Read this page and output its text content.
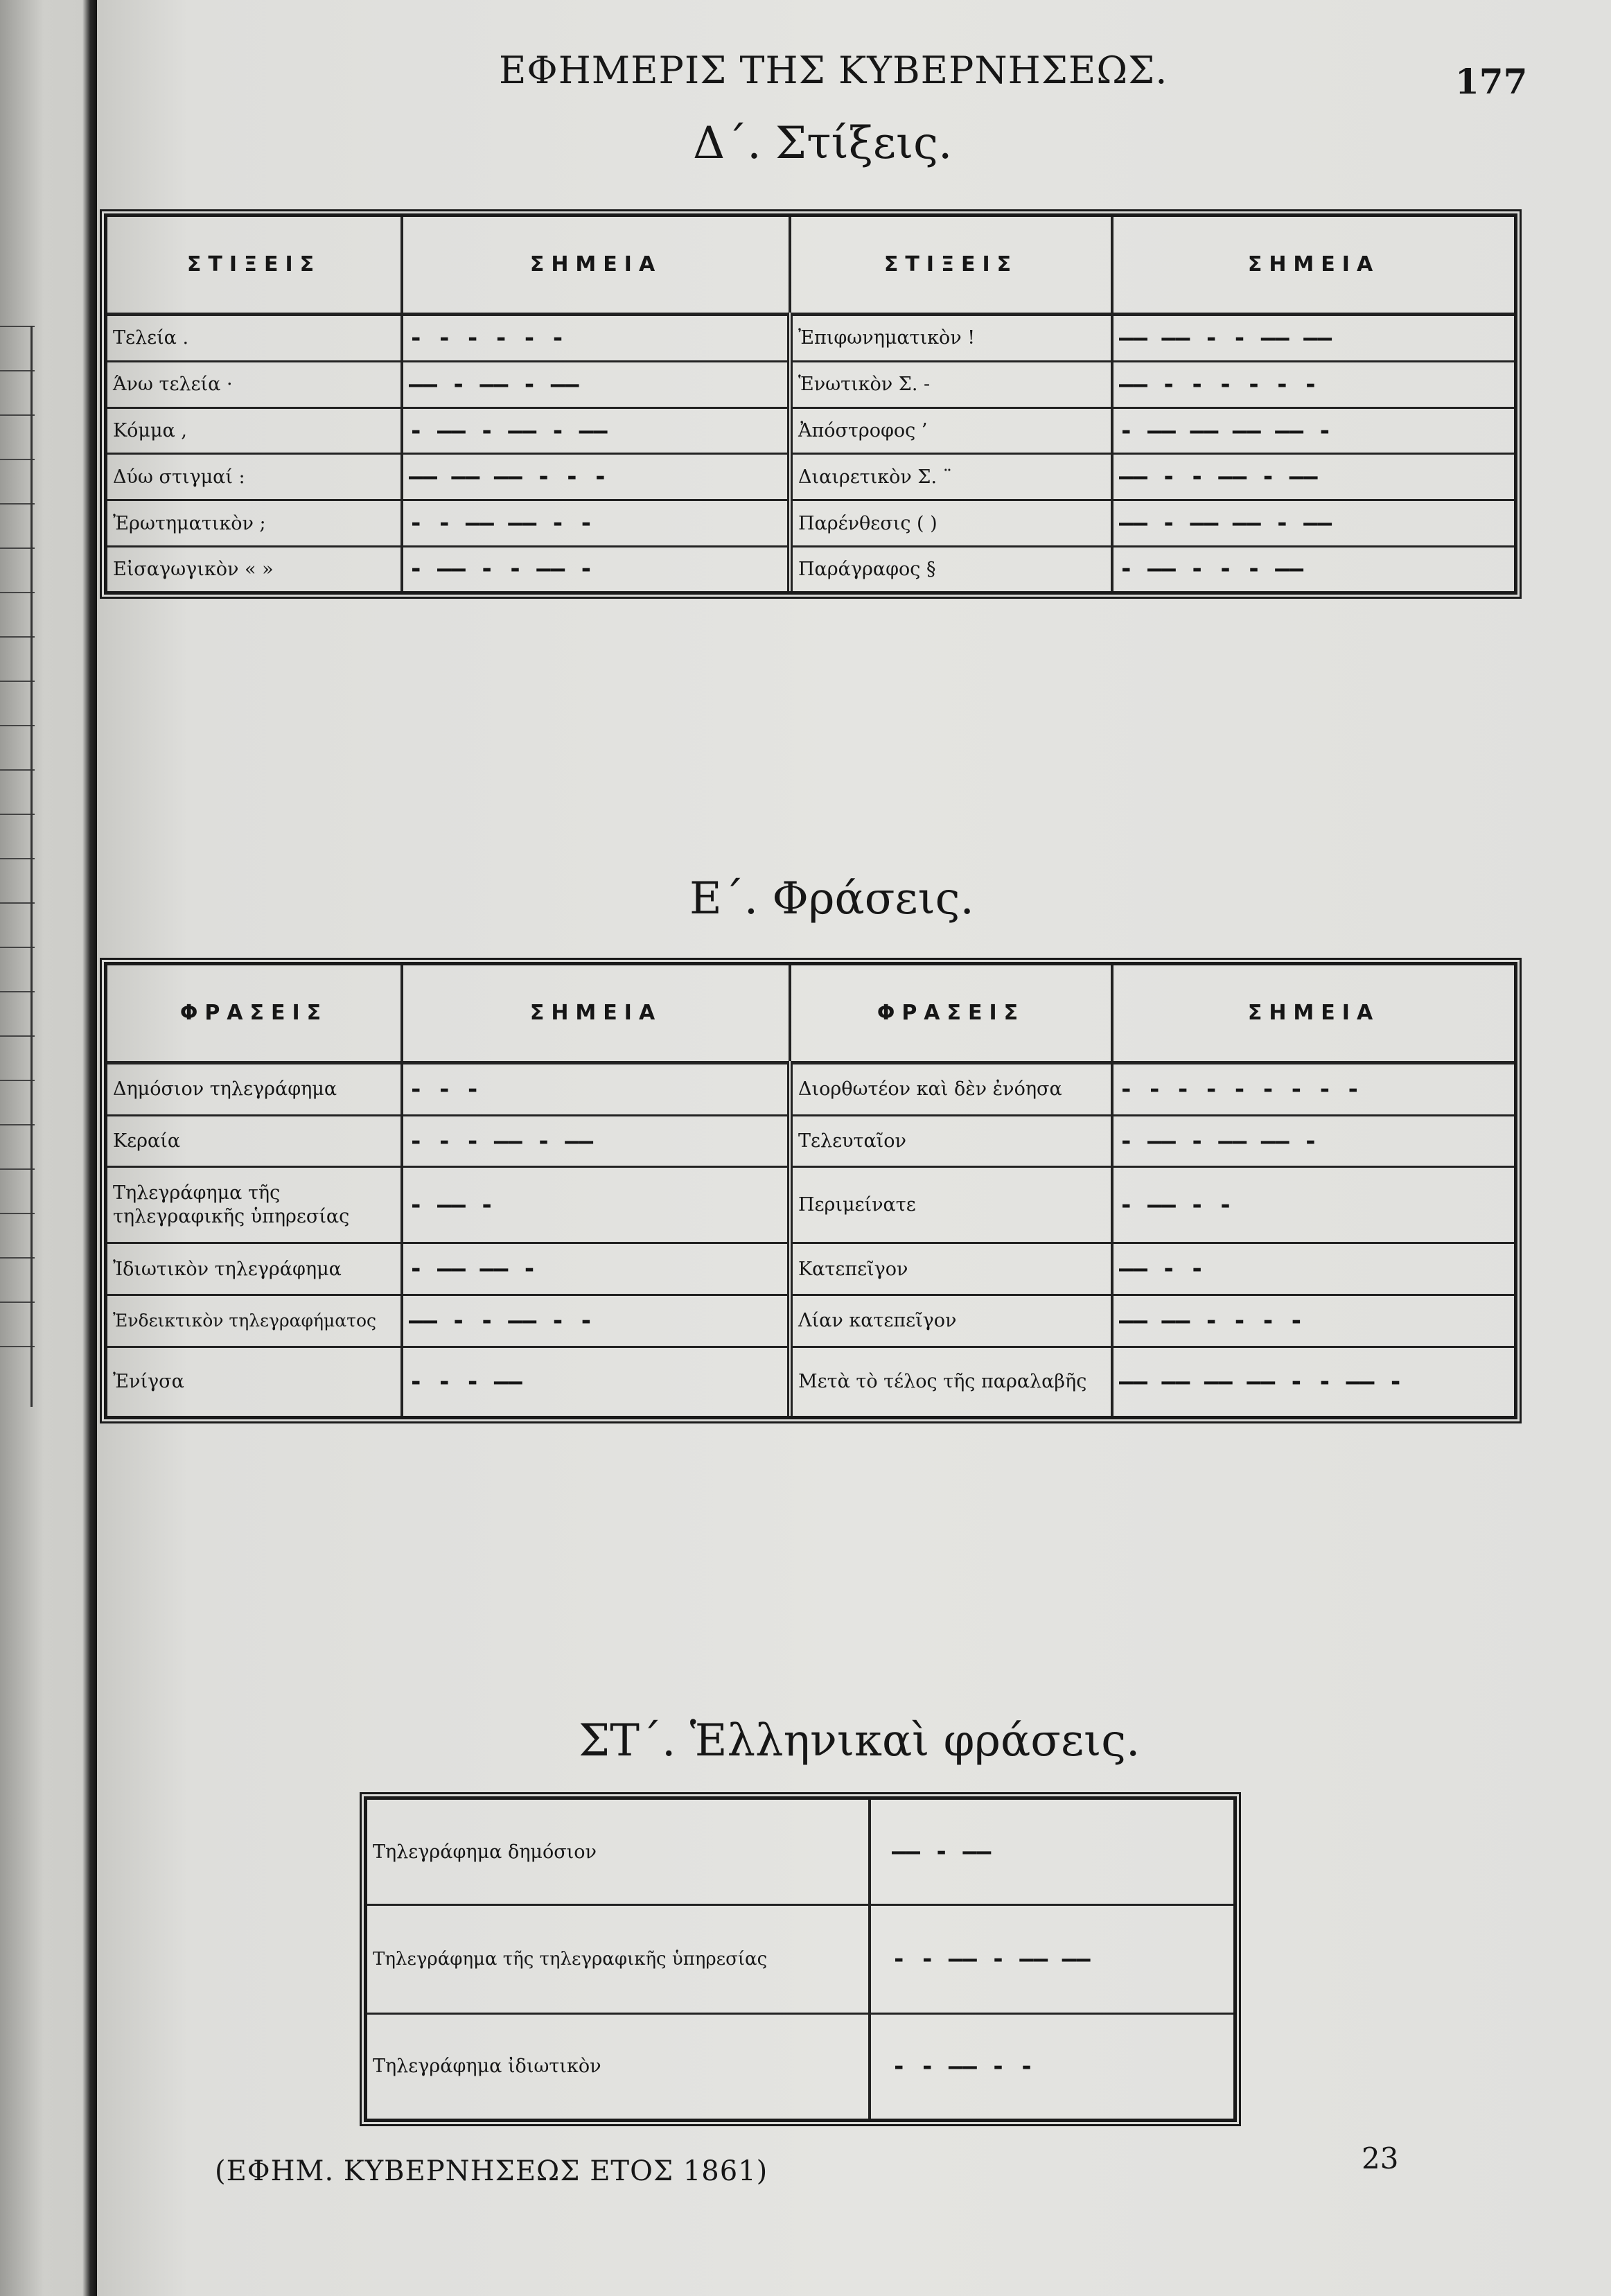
ΕΦΗΜΕΡΙΣ ΤΗΣ ΚΥΒΕΡΝΗΣΕΩΣ.	177
Δ΄. Στίξεις.
ΣΤΙΞΕΙΣ	ΣΗΜΕΙΑ	ΣΤΙΞΕΙΣ	ΣΗΜΕΙΑ
Τελεία .	- - - - - -	Ἐπιφωνηματικὸν !	—— —— - - —— ——
Άνω τελεία ·	—— - —— - ——	Ἑνωτικὸν Σ. -	—— - - - - - -
Κόμμα ,	- —— - —— - ——	Ἀπόστροφος ’	- —— —— —— —— -
Δύω στιγμαί :	—— —— —— - - -	Διαιρετικὸν Σ. ¨	—— - - —— - ——
Ἐρωτηματικὸν ;	- - —— —— - -	Παρένθεσις ( )	—— - —— —— - ——
Εἰσαγωγικὸν « »	- —— - - —— -	Παράγραφος §	- —— - - - ——
Ε΄. Φράσεις.
ΦΡΑΣΕΙΣ	ΣΗΜΕΙΑ	ΦΡΑΣΕΙΣ	ΣΗΜΕΙΑ
Δημόσιον τηλεγράφημα	- - -	Διορθωτέον καὶ δὲν ἐνόησα	- - - - - - - - -
Κεραία	- - - —— - ——	Τελευταῖον	- —— - —— —— -
Τηλεγράφημα τῆς τηλεγραφικῆς ὑπηρεσίας	- —— -	Περιμείνατε	- —— - -
Ἰδιωτικὸν τηλεγράφημα	- —— —— -	Κατεπεῖγον	—— - -
Ἐνδεικτικὸν τηλεγραφήματος	—— - - —— - -	Λίαν κατεπεῖγον	—— —— - - - -
Ἐνίγσα	- - - ——	Μετὰ τὸ τέλος τῆς παραλαβῆς	—— —— —— —— - - —— -
ΣΤ΄. Ἑλληνικαὶ φράσεις.
Τηλεγράφημα δημόσιον	—— - ——
Τηλεγράφημα τῆς τηλεγραφικῆς ὑπηρεσίας	- - —— - —— ——
Τηλεγράφημα ἰδιωτικὸν	- - —— - -
(ΕΦΗΜ. ΚΥΒΕΡΝΗΣΕΩΣ ΕΤΟΣ 1861)	23
